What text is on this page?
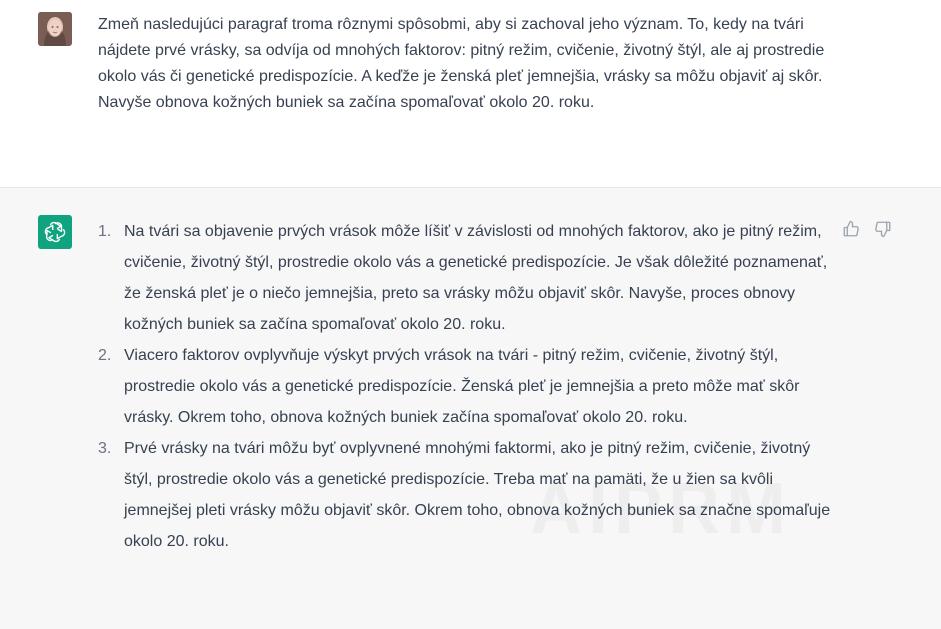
Zmeň nasledujúci paragraf troma rôznymi spôsobmi, aby si zachoval jeho význam. To, kedy na tvári nájdete prvé vrásky, sa odvíja od mnohých faktorov: pitný režim, cvičenie, životný štýl, ale aj prostredie okolo vás či genetické predispozície. A keďže je ženská pleť jemnejšia, vrásky sa môžu objaviť aj skôr. Navyše obnova kožných buniek sa začína spomaľovať okolo 20. roku.
1. Na tvári sa objavenie prvých vrások môže líšiť v závislosti od mnohých faktorov, ako je pitný režim, cvičenie, životný štýl, prostredie okolo vás a genetické predispozície. Je však dôležité poznamenať, že ženská pleť je o niečo jemnejšia, preto sa vrásky môžu objaviť skôr. Navyše, proces obnovy kožných buniek sa začína spomaľovať okolo 20. roku.
2. Viacero faktorov ovplyvňuje výskyt prvých vrások na tvári - pitný režim, cvičenie, životný štýl, prostredie okolo vás a genetické predispozície. Ženská pleť je jemnejšia a preto môže mať skôr vrásky. Okrem toho, obnova kožných buniek začína spomaľovať okolo 20. roku.
3. Prvé vrásky na tvári môžu byť ovplyvnené mnohými faktormi, ako je pitný režim, cvičenie, životný štýl, prostredie okolo vás a genetické predispozície. Treba mať na pamäti, že u žien sa kvôli jemnejšej pleti vrásky môžu objaviť skôr. Okrem toho, obnova kožných buniek sa značne spomaľuje okolo 20. roku.
